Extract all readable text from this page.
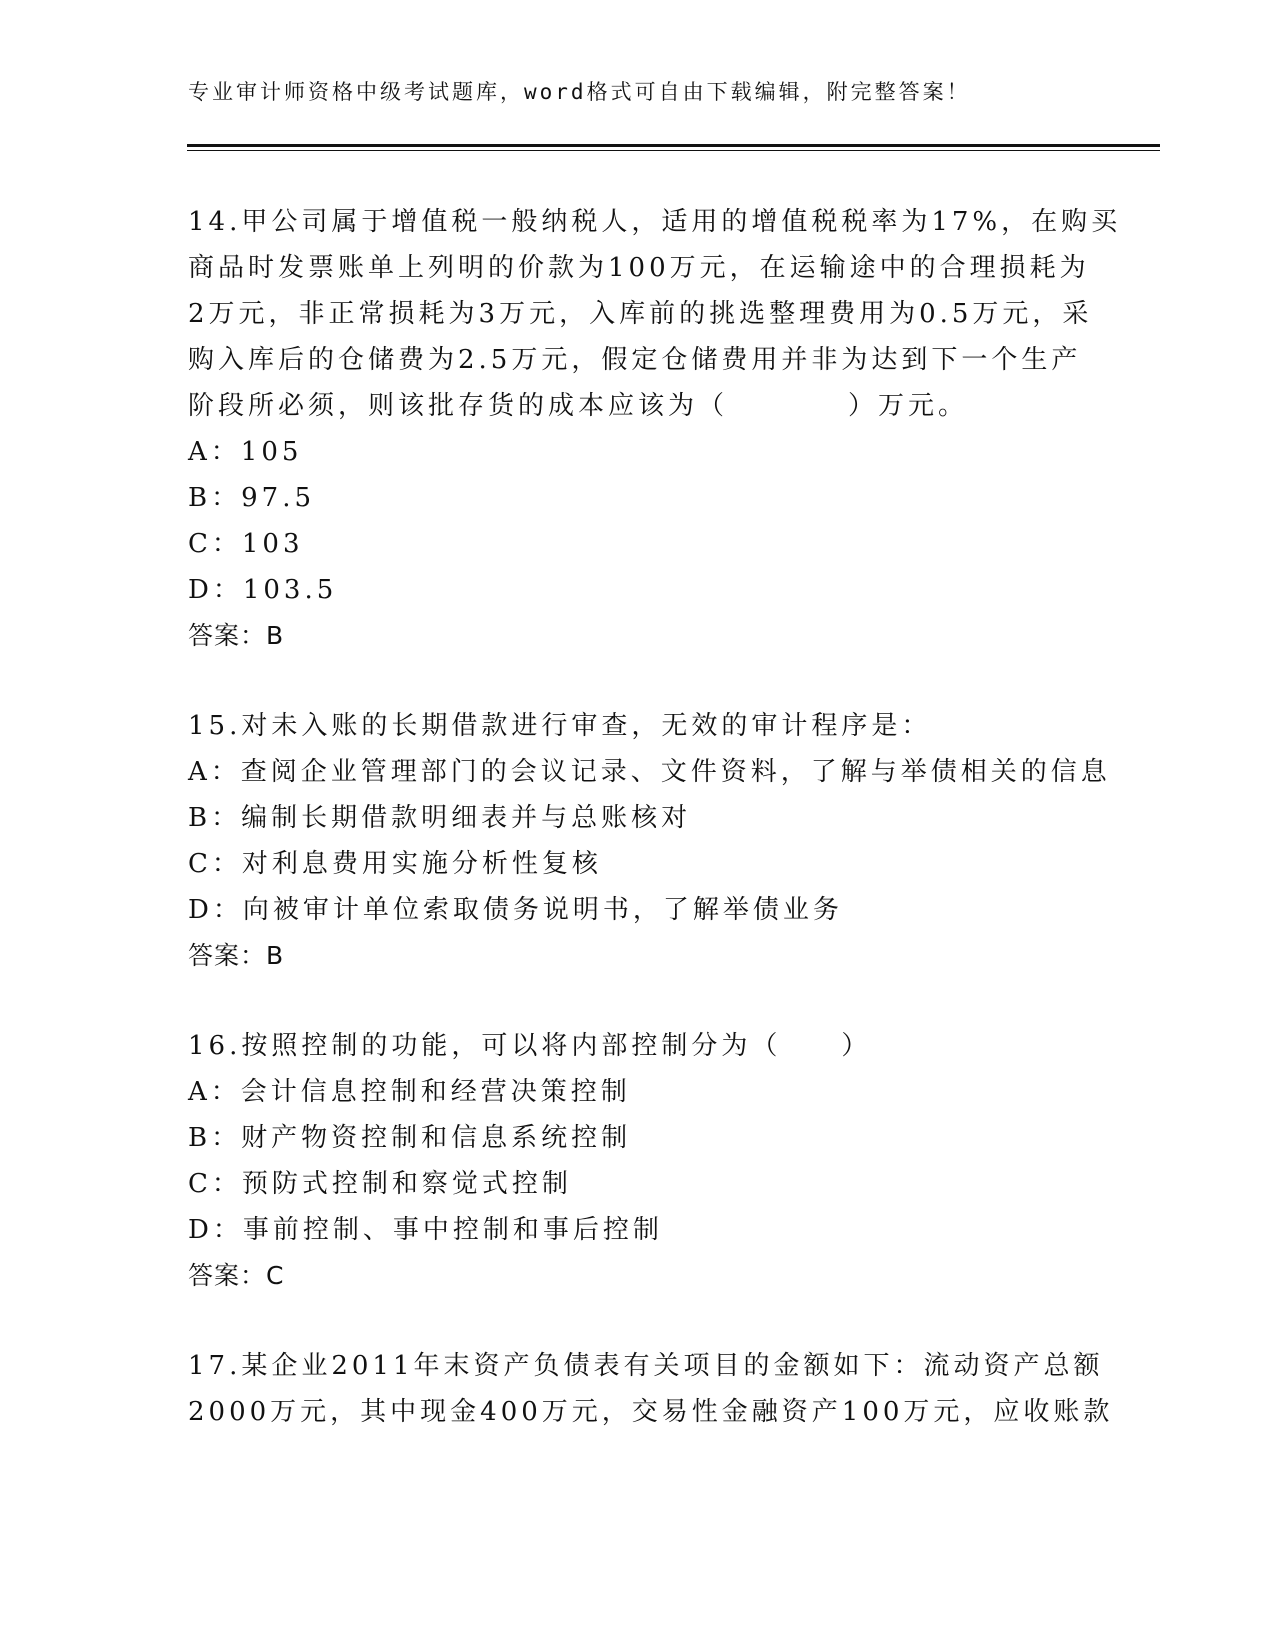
专业审计师资格中级考试题库，word格式可自由下载编辑，附完整答案！
14.甲公司属于增值税一般纳税人，适用的增值税税率为17%，在购买
商品时发票账单上列明的价款为100万元，在运输途中的合理损耗为
2万元，非正常损耗为3万元，入库前的挑选整理费用为0.5万元，采
购入库后的仓储费为2.5万元，假定仓储费用并非为达到下一个生产
阶段所必须，则该批存货的成本应该为（　　　　）万元。
A：105
B：97.5
C：103
D：103.5
答案：B
15.对未入账的长期借款进行审查，无效的审计程序是：
A：查阅企业管理部门的会议记录、文件资料，了解与举债相关的信息
B：编制长期借款明细表并与总账核对
C：对利息费用实施分析性复核
D：向被审计单位索取债务说明书，了解举债业务
答案：B
16.按照控制的功能，可以将内部控制分为（　　）
A：会计信息控制和经营决策控制
B：财产物资控制和信息系统控制
C：预防式控制和察觉式控制
D：事前控制、事中控制和事后控制
答案：C
17.某企业2011年末资产负债表有关项目的金额如下：流动资产总额
2000万元，其中现金400万元，交易性金融资产100万元，应收账款
